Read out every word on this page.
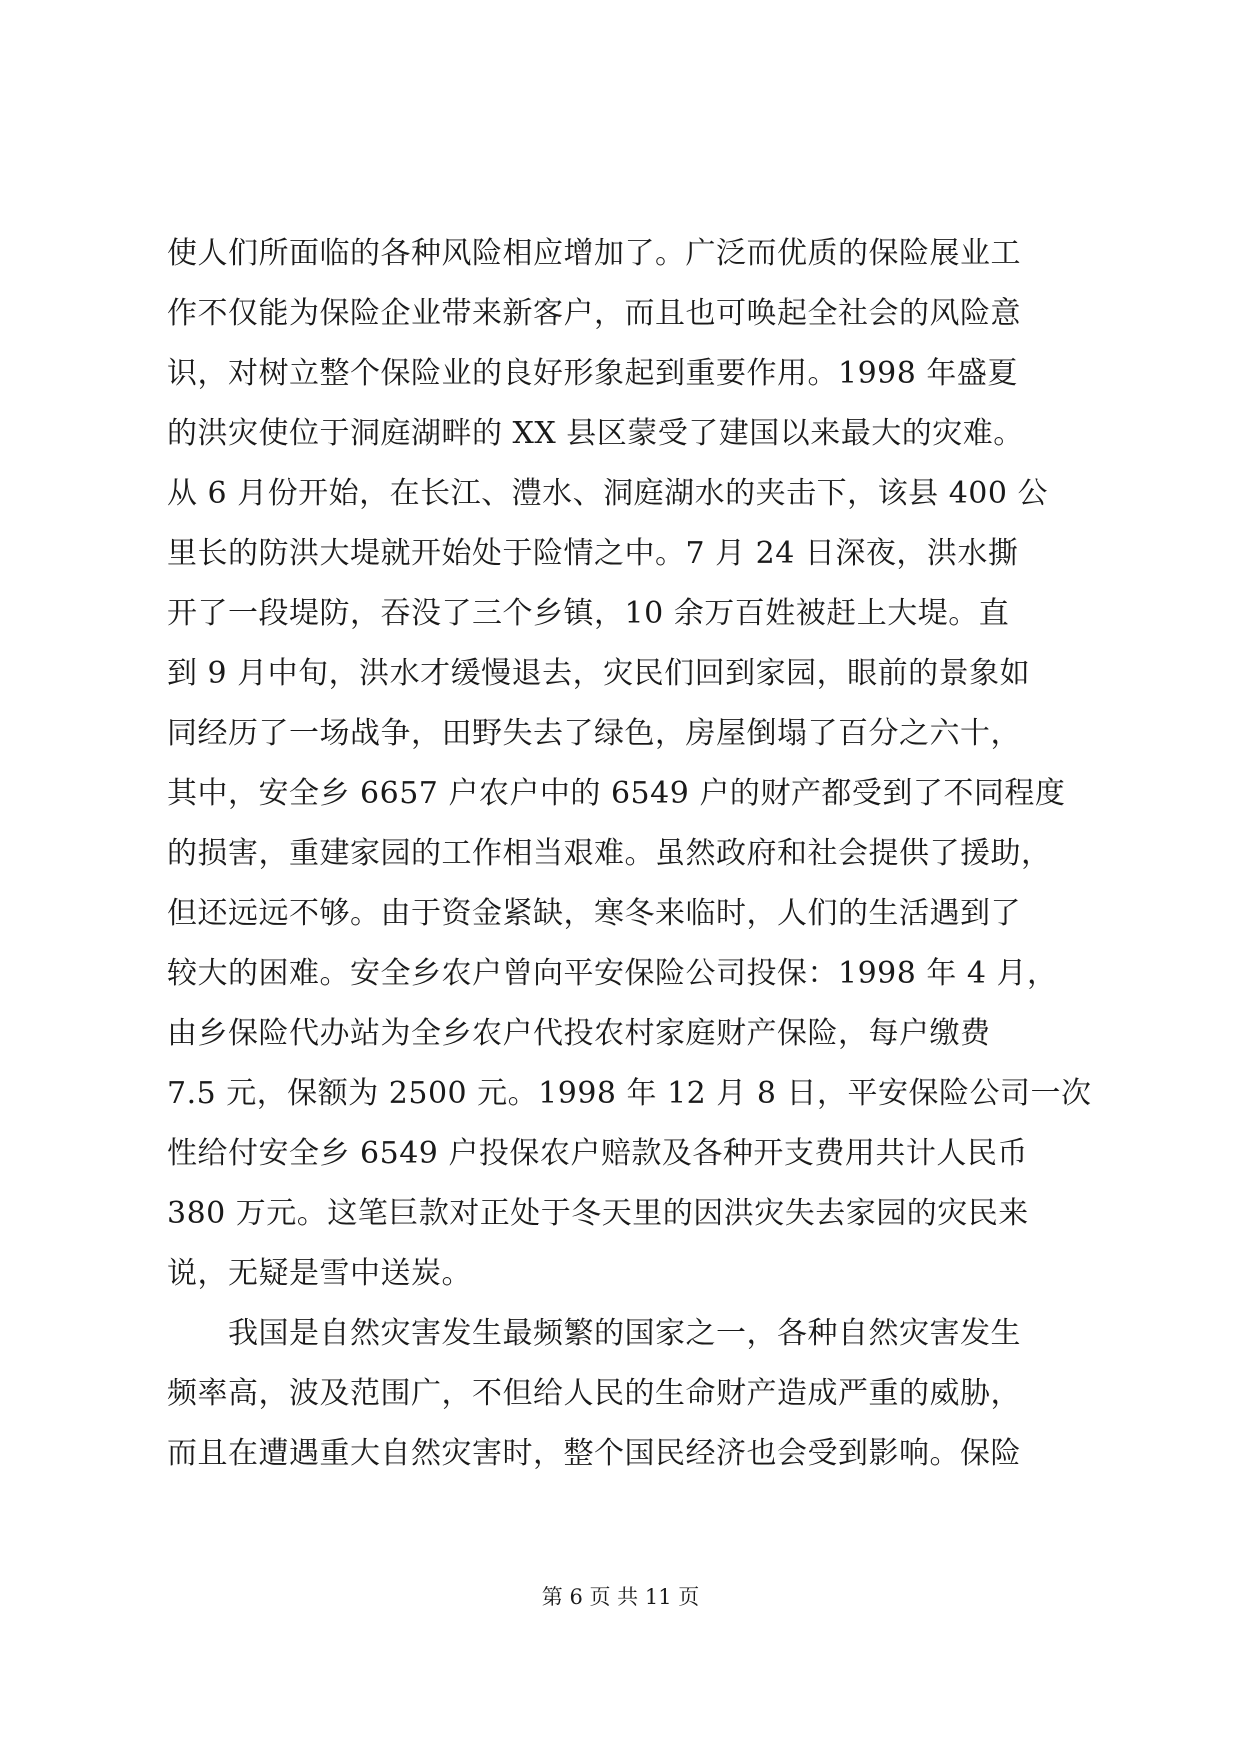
使人们所面临的各种风险相应增加了。广泛而优质的保险展业工
作不仅能为保险企业带来新客户，而且也可唤起全社会的风险意
识，对树立整个保险业的良好形象起到重要作用。1998 年盛夏
的洪灾使位于洞庭湖畔的 XX 县区蒙受了建国以来最大的灾难。
从 6 月份开始，在长江、澧水、洞庭湖水的夹击下，该县 400 公
里长的防洪大堤就开始处于险情之中。7 月 24 日深夜，洪水撕
开了一段堤防，吞没了三个乡镇，10 余万百姓被赶上大堤。直
到 9 月中旬，洪水才缓慢退去，灾民们回到家园，眼前的景象如
同经历了一场战争，田野失去了绿色，房屋倒塌了百分之六十，
其中，安全乡 6657 户农户中的 6549 户的财产都受到了不同程度
的损害，重建家园的工作相当艰难。虽然政府和社会提供了援助，
但还远远不够。由于资金紧缺，寒冬来临时，人们的生活遇到了
较大的困难。安全乡农户曾向平安保险公司投保：1998 年 4 月，
由乡保险代办站为全乡农户代投农村家庭财产保险，每户缴费
7.5 元，保额为 2500 元。1998 年 12 月 8 日，平安保险公司一次
性给付安全乡 6549 户投保农户赔款及各种开支费用共计人民币
380 万元。这笔巨款对正处于冬天里的因洪灾失去家园的灾民来
说，无疑是雪中送炭。
　　我国是自然灾害发生最频繁的国家之一，各种自然灾害发生
频率高，波及范围广，不但给人民的生命财产造成严重的威胁，
而且在遭遇重大自然灾害时，整个国民经济也会受到影响。保险
第 6 页 共 11 页
